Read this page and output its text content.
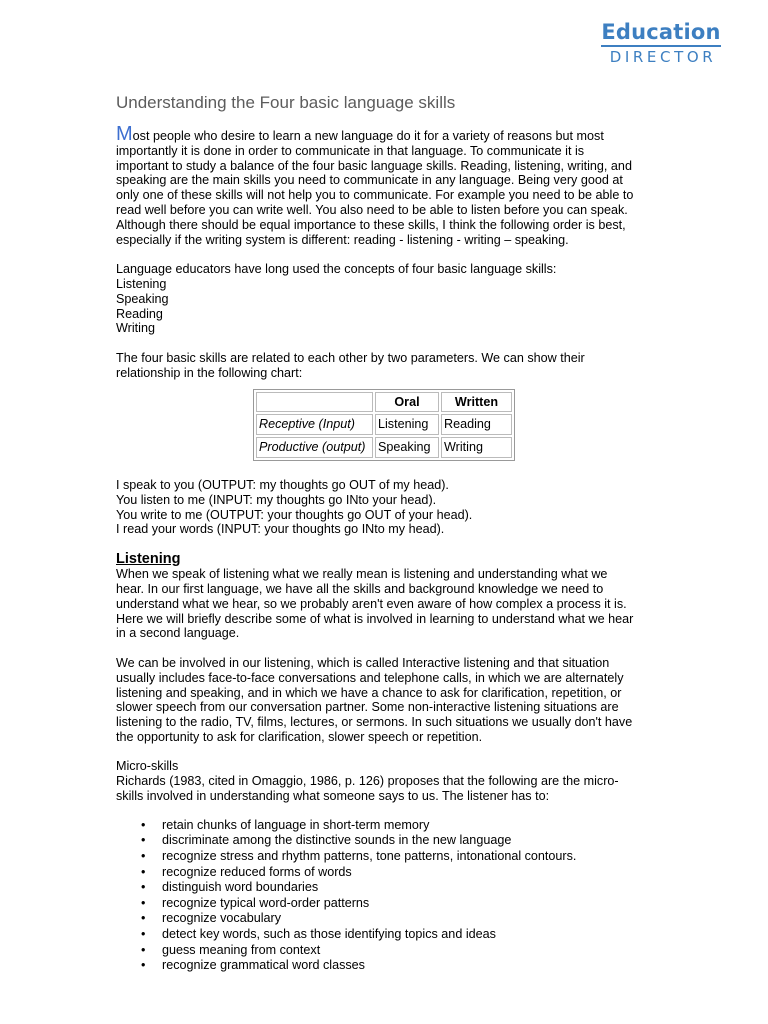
Education
DIRECTOR
Understanding the Four basic language skills

Most people who desire to learn a new language do it for a variety of reasons but most

importantly it is done in order to communicate in that language. To communicate it is

important to study a balance of the four basic language skills. Reading, listening, writing, and

speaking are the main skills you need to communicate in any language. Being very good at

only one of these skills will not help you to communicate. For example you need to be able to

read well before you can write well. You also need to be able to listen before you can speak.

Although there should be equal importance to these skills, I think the following order is best,

especially if the writing system is different: reading - listening - writing – speaking.

Language educators have long used the concepts of four basic language skills:

Listening

Speaking

Reading

Writing

The four basic skills are related to each other by two parameters. We can show their

relationship in the following chart:

	Oral	Written
Receptive (Input)	Listening	Reading
Productive (output)	Speaking	Writing

I speak to you (OUTPUT: my thoughts go OUT of my head).

You listen to me (INPUT: my thoughts go INto your head).

You write to me (OUTPUT: your thoughts go OUT of your head).

I read your words (INPUT: your thoughts go INto my head).

Listening

When we speak of listening what we really mean is listening and understanding what we

hear. In our first language, we have all the skills and background knowledge we need to

understand what we hear, so we probably aren't even aware of how complex a process it is.

Here we will briefly describe some of what is involved in learning to understand what we hear

in a second language.

We can be involved in our listening, which is called Interactive listening and that situation

usually includes face-to-face conversations and telephone calls, in which we are alternately

listening and speaking, and in which we have a chance to ask for clarification, repetition, or

slower speech from our conversation partner. Some non-interactive listening situations are

listening to the radio, TV, films, lectures, or sermons. In such situations we usually don't have

the opportunity to ask for clarification, slower speech or repetition.

Micro-skills

Richards (1983, cited in Omaggio, 1986, p. 126) proposes that the following are the micro-

skills involved in understanding what someone says to us. The listener has to:

• retain chunks of language in short-term memory
• discriminate among the distinctive sounds in the new language
• recognize stress and rhythm patterns, tone patterns, intonational contours.
• recognize reduced forms of words
• distinguish word boundaries
• recognize typical word-order patterns
• recognize vocabulary
• detect key words, such as those identifying topics and ideas
• guess meaning from context
• recognize grammatical word classes
